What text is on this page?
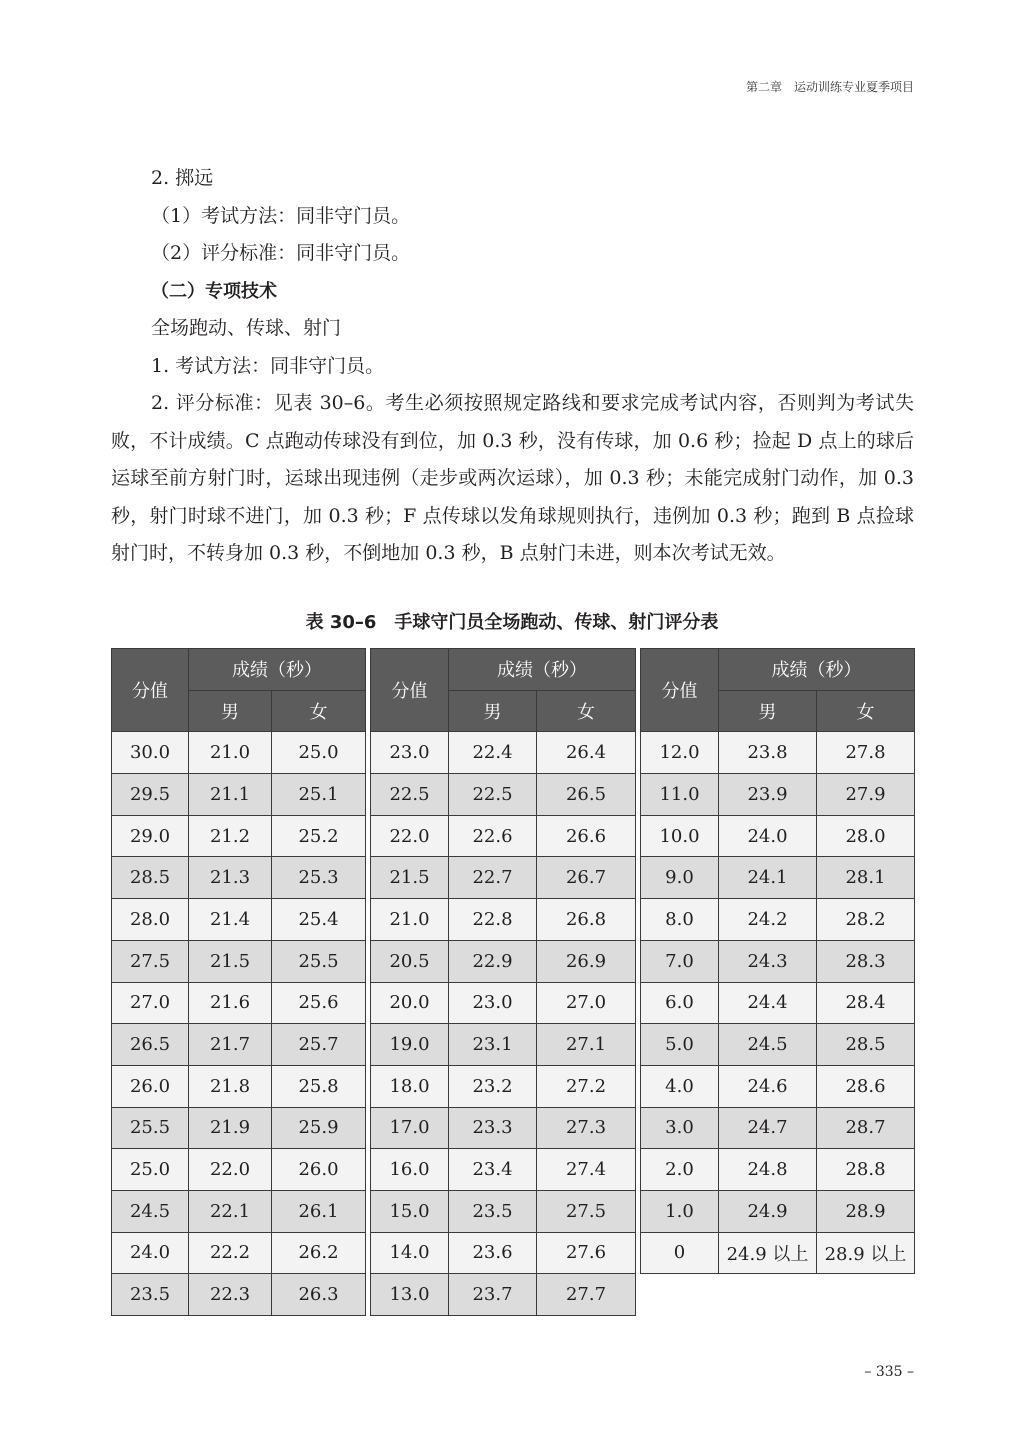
第二章　运动训练专业夏季项目

2. 掷远

（1）考试方法：同非守门员。

（2）评分标准：同非守门员。

（二）专项技术

全场跑动、传球、射门

1. 考试方法：同非守门员。

2. 评分标准：见表 30–6。考生必须按照规定路线和要求完成考试内容，否则判为考试失败，不计成绩。C 点跑动传球没有到位，加 0.3 秒，没有传球，加 0.6 秒；捡起 D 点上的球后运球至前方射门时，运球出现违例（走步或两次运球），加 0.3 秒；未能完成射门动作，加 0.3 秒，射门时球不进门，加 0.3 秒；F 点传球以发角球规则执行，违例加 0.3 秒；跑到 B 点捡球射门时，不转身加 0.3 秒，不倒地加 0.3 秒，B 点射门未进，则本次考试无效。

表 30–6　手球守门员全场跑动、传球、射门评分表
分值	成绩（秒）	
	男	女
30.0	21.0	25.0
29.5	21.1	25.1
29.0	21.2	25.2
28.5	21.3	25.3
28.0	21.4	25.4
27.5	21.5	25.5
27.0	21.6	25.6
26.5	21.7	25.7
26.0	21.8	25.8
25.5	21.9	25.9
25.0	22.0	26.0
24.5	22.1	26.1
24.0	22.2	26.2
23.5	22.3	26.3
分值	成绩（秒）	
	男	女
23.0	22.4	26.4
22.5	22.5	26.5
22.0	22.6	26.6
21.5	22.7	26.7
21.0	22.8	26.8
20.5	22.9	26.9
20.0	23.0	27.0
19.0	23.1	27.1
18.0	23.2	27.2
17.0	23.3	27.3
16.0	23.4	27.4
15.0	23.5	27.5
14.0	23.6	27.6
13.0	23.7	27.7
分值	成绩（秒）	
	男	女
12.0	23.8	27.8
11.0	23.9	27.9
10.0	24.0	28.0
9.0	24.1	28.1
8.0	24.2	28.2
7.0	24.3	28.3
6.0	24.4	28.4
5.0	24.5	28.5
4.0	24.6	28.6
3.0	24.7	28.7
2.0	24.8	28.8
1.0	24.9	28.9
0	24.9 以上	28.9 以上
– 335 –
